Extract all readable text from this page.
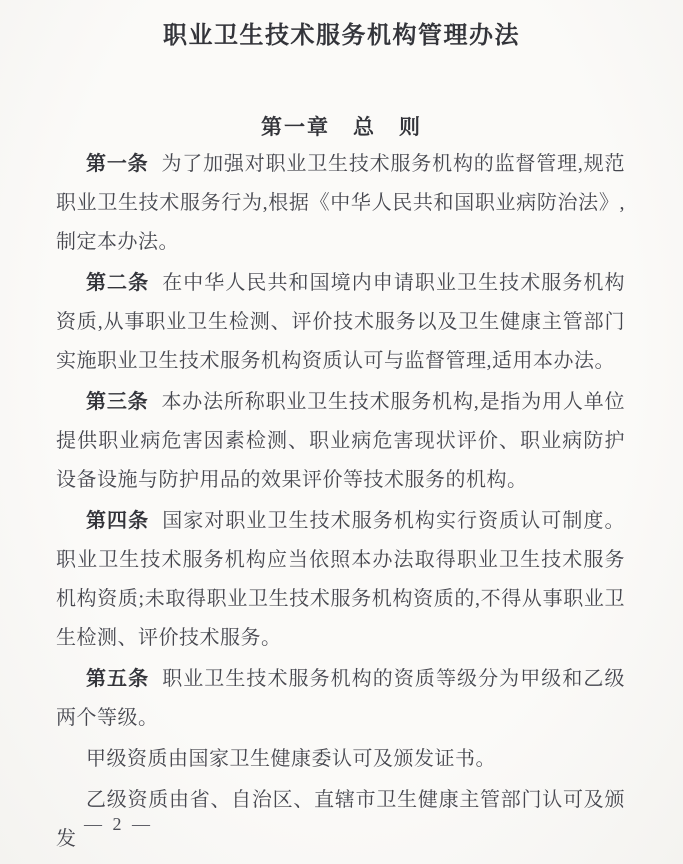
职业卫生技术服务机构管理办法
第一章　总　则

第一条 为了加强对职业卫生技术服务机构的监督管理,规范职业卫生技术服务行为,根据《中华人民共和国职业病防治法》,制定本办法。

第二条 在中华人民共和国境内申请职业卫生技术服务机构资质,从事职业卫生检测、评价技术服务以及卫生健康主管部门实施职业卫生技术服务机构资质认可与监督管理,适用本办法。

第三条 本办法所称职业卫生技术服务机构,是指为用人单位提供职业病危害因素检测、职业病危害现状评价、职业病防护设备设施与防护用品的效果评价等技术服务的机构。

第四条 国家对职业卫生技术服务机构实行资质认可制度。职业卫生技术服务机构应当依照本办法取得职业卫生技术服务机构资质;未取得职业卫生技术服务机构资质的,不得从事职业卫生检测、评价技术服务。

第五条 职业卫生技术服务机构的资质等级分为甲级和乙级两个等级。

甲级资质由国家卫生健康委认可及颁发证书。

乙级资质由省、自治区、直辖市卫生健康主管部门认可及颁发

— 2 —
